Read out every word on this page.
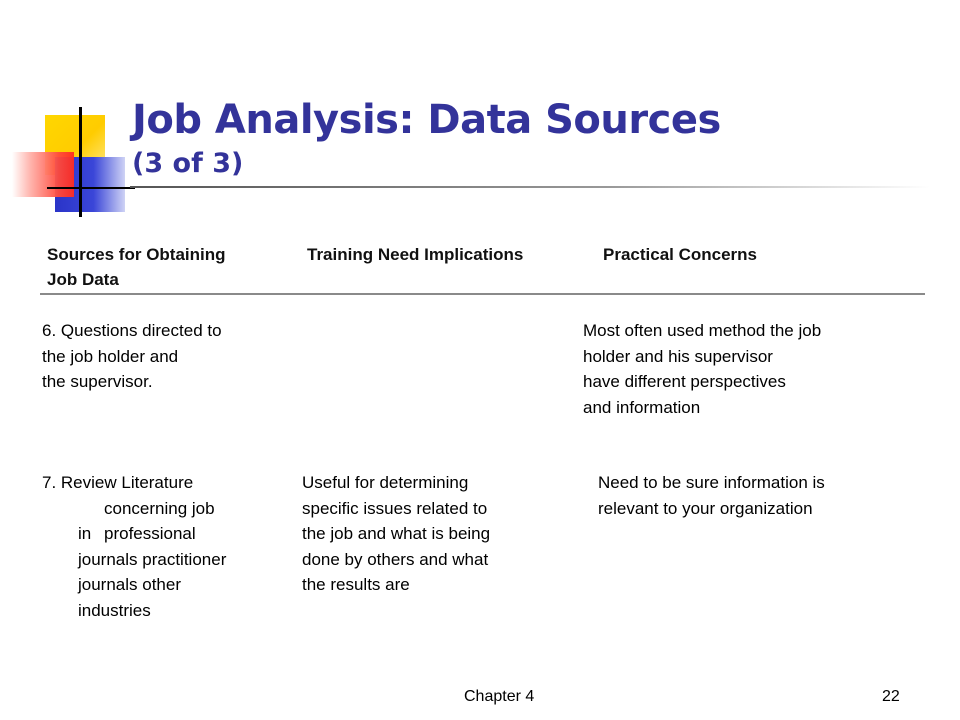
Job Analysis: Data Sources
(3 of 3)
Sources for Obtaining
Job Data
Training Need Implications	Practical Concerns
6. Questions directed to
the job holder and
the supervisor.
Most often used method the job
holder and his supervisor
have different perspectives
and information
7. Review Literature
concerning job
in professional
journals practitioner
journals other
industries
Useful for determining
specific issues related to
the job and what is being
done by others and what
the results are
Need to be sure information is
relevant to your organization
Chapter 4	22
